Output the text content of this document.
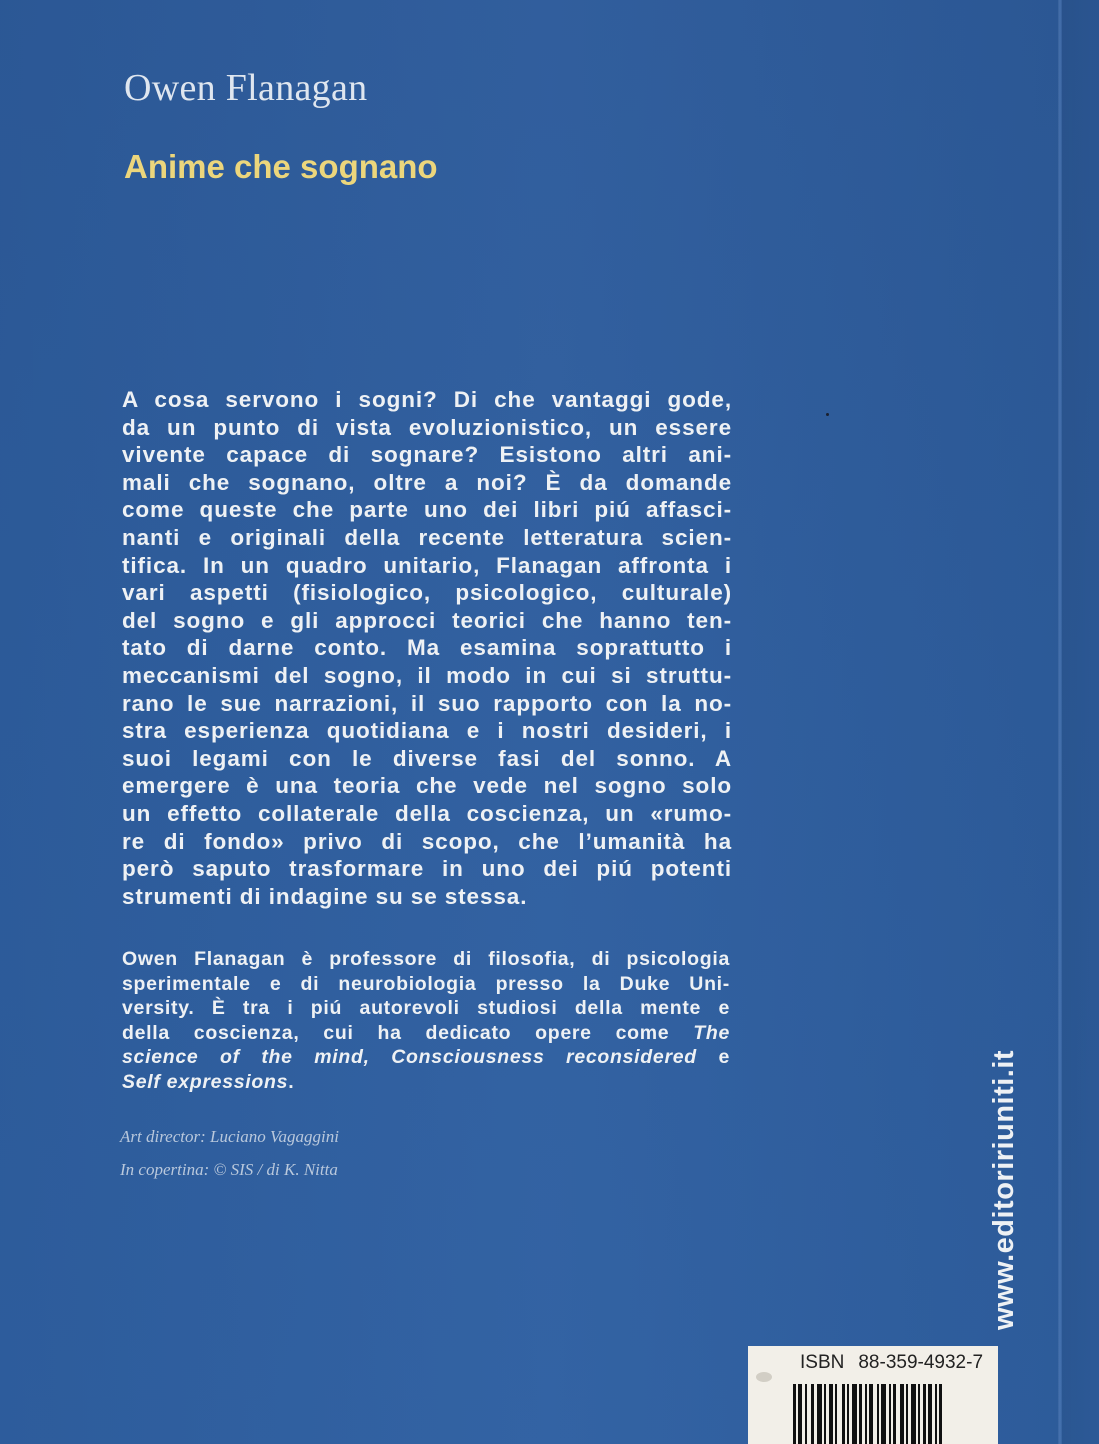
Owen Flanagan
Anime che sognano

A cosa servono i sogni? Di che vantaggi gode,
da un punto di vista evoluzionistico, un essere
vivente capace di sognare? Esistono altri ani-
mali che sognano, oltre a noi? È da domande
come queste che parte uno dei libri piú affasci-
nanti e originali della recente letteratura scien-
tifica. In un quadro unitario, Flanagan affronta i
vari aspetti (fisiologico, psicologico, culturale)
del sogno e gli approcci teorici che hanno ten-
tato di darne conto. Ma esamina soprattutto i
meccanismi del sogno, il modo in cui si struttu-
rano le sue narrazioni, il suo rapporto con la no-
stra esperienza quotidiana e i nostri desideri, i
suoi legami con le diverse fasi del sonno. A
emergere è una teoria che vede nel sogno solo
un effetto collaterale della coscienza, un «rumo-
re di fondo» privo di scopo, che l’umanità ha
però saputo trasformare in uno dei piú potenti
strumenti di indagine su se stessa.

Owen Flanagan è professore di filosofia, di psicologia
sperimentale e di neurobiologia presso la Duke Uni-
versity. È tra i piú autorevoli studiosi della mente e
della coscienza, cui ha dedicato opere come The
science of the mind, Consciousness reconsidered e
Self expressions.

Art director: Luciano Vagaggini
In copertina: © SIS / di K. Nitta	www.editoririuniti.it
ISBN 88-359-4932-7
